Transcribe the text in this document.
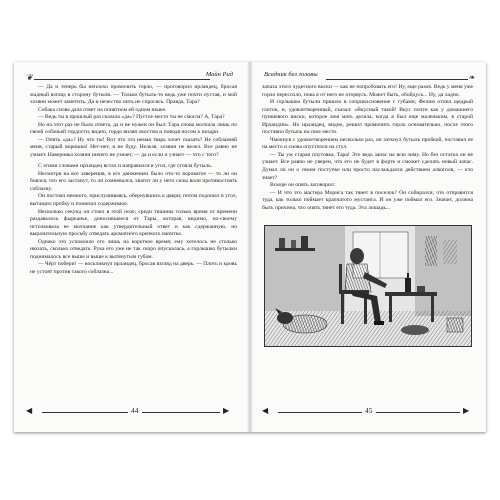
❦	Майн Рид

— Да и теперь бы неплохо промочить горло, — проговорил ирландец, бросая жадный взгляд в сторону бутыли. — Только бутыль-то ведь уже почти пустая, и мой хозяин может заметить. Да и нечестно пить не спросясь. Правда, Тара?

Собака снова дала ответ на понятном ей одном языке.

— Ведь ты в прошлый раз сказала «да»? Пустое место ты не смогла? А, Тара?

Но на этот раз не было ответа, да и не нужен он был: Тара снова молчала лишь по своей собачьей гордости, видно, гордо виляя хвостом и поводя носом к ноздри.

— Опять «да»? Ну что ты! Вот что эта немая тварь хочет сказать? Не соблазняй меня, старый воришка! Нет-нет, я не буду. Нельзя, хозяин не велел. Все равно не узнает. Наверняка хозяин ничего не узнает, — да и если и узнает — что с того?

С этими словами ирландец встал и направился в угол, где стояла бутыль.

Несмотря на все заверения, в его движениях было что-то вороватое — то ли он боялся, что его застанут, то ли сомневался, хватит ли у него силы воли противостоять соблазну.

Он постоял немного, прислушиваясь, обернувшись к двери; потом подошел в угол, вытащил пробку и понюхал содержимое.

Несколько секунд он стоял в этой позе; среди тишины только время от времени раздавалось фырканье, доносившееся от Тары, которая, видимо, по-своему истолковала ее молчание как утвердительный ответ и как сдержанную, но выразительную просьбу отведать ароматного крепкого напитка.

Однако это успокоило его лишь на короткое время; ему хотелось не столько нюхать, сколько отведать. Рука его уже не так скоро опускалась, а горлышко бутылки поднималось все выше и выше к вытянутым губам.

— Чёрт побери! — воскликнул ирландец, бросая взгляд на дверь. — Плоть и кровь не устоят против такого соблазна...

◀	44	▶
Всадник без головы	❧

запаха этого чудесного виски — как не попробовать его! Ну, еще разок. Ведь у меня уже горло пересохло, пока я от него не оторвусь. Может быть, обойдусь... Ну, да ладно.

И горлышко бутыли пришло в соприкосновение с губами; Фелим отпил щедрый глоток, и, удовлетворенный, сказал: «Вкусный такой! Вкус почти как у домашнего пуншевого виски, которое моя мать делала, когда я был еще маленьким, в старой Ирландии». Но ирландец, видно, решил промочить горло основательно, после этого поставил бутыль на свое место.

Чмокнув с удовлетворением несколько раз, он заткнул бутыль пробкой, поставил ее на место и снова опустился на стул.

— Ты уж старая плутовка, Тара! Это ведь запас на всю зиму. Но без остатка он не узнает. Все равно не уверен, что его не будет в форте и сможет сделать новый запас. Думал ли он о своем поступке или просто наслаждался действием алкоголя, — кто знает?

Вскоре он опять заговорил:

— И что это мастера Мориса так тянет в поселок? Он собирался, что отправится туда, как только поймает крапчатого мустанга. И он уже поймал его. Значит, должна быть причина, что опять тянет его туда. Эта лошадь...

◀	45	▶
